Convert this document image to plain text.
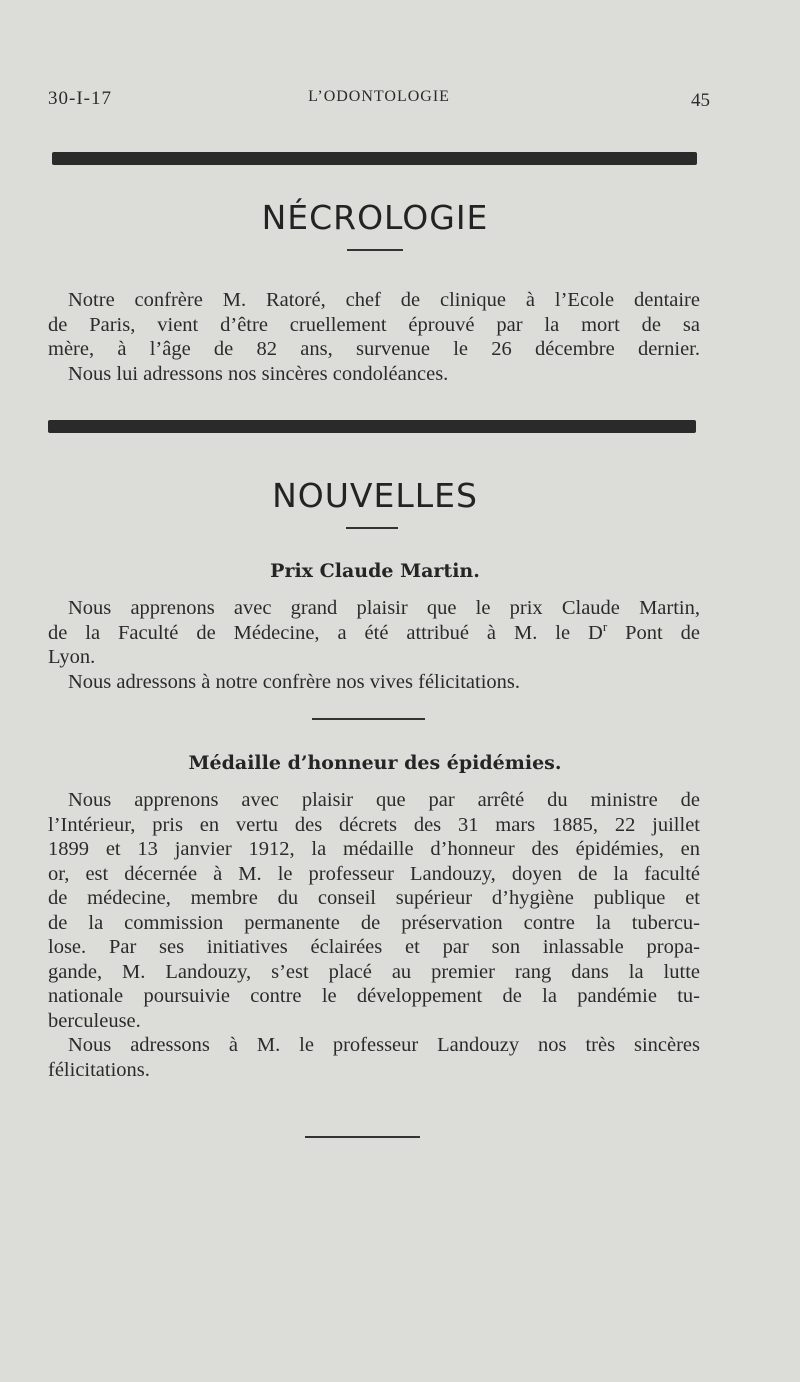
30-I-17	L’ODONTOLOGIE	45
NÉCROLOGIE
Notre confrère M. Ratoré, chef de clinique à l’Ecole dentaire
de Paris, vient d’être cruellement éprouvé par la mort de sa
mère, à l’âge de 82 ans, survenue le 26 décembre dernier.
Nous lui adressons nos sincères condoléances.
NOUVELLES
Prix Claude Martin.
Nous apprenons avec grand plaisir que le prix Claude Martin,
de la Faculté de Médecine, a été attribué à M. le $D^r$ Pont de
Lyon.
Nous adressons à notre confrère nos vives félicitations.
Médaille d’honneur des épidémies.
Nous apprenons avec plaisir que par arrêté du ministre de
l’Intérieur, pris en vertu des décrets des 31 mars 1885, 22 juillet
1899 et 13 janvier 1912, la médaille d’honneur des épidémies, en
or, est décernée à M. le professeur Landouzy, doyen de la faculté
de médecine, membre du conseil supérieur d’hygiène publique et
de la commission permanente de préservation contre la tubercu-
lose. Par ses initiatives éclairées et par son inlassable propa-
gande, M. Landouzy, s’est placé au premier rang dans la lutte
nationale poursuivie contre le développement de la pandémie tu-
berculeuse.
Nous adressons à M. le professeur Landouzy nos très sincères
félicitations.
